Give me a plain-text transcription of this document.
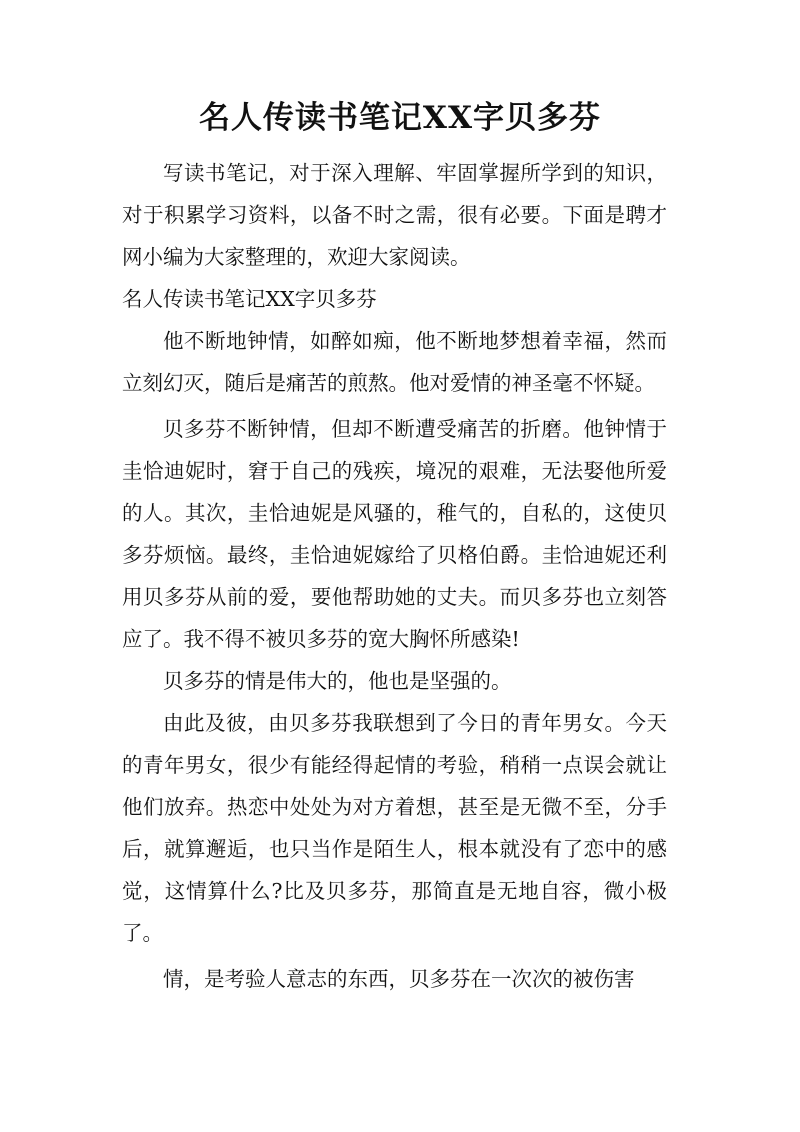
名人传读书笔记XX字贝多芬

写读书笔记，对于深入理解、牢固掌握所学到的知识，对于积累学习资料，以备不时之需，很有必要。下面是聘才网小编为大家整理的，欢迎大家阅读。

名人传读书笔记XX字贝多芬

他不断地钟情，如醉如痴，他不断地梦想着幸福，然而立刻幻灭，随后是痛苦的煎熬。他对爱情的神圣毫不怀疑。

贝多芬不断钟情，但却不断遭受痛苦的折磨。他钟情于圭恰迪妮时，窘于自己的残疾，境况的艰难，无法娶他所爱的人。其次，圭恰迪妮是风骚的，稚气的，自私的，这使贝多芬烦恼。最终，圭恰迪妮嫁给了贝格伯爵。圭恰迪妮还利用贝多芬从前的爱，要他帮助她的丈夫。而贝多芬也立刻答应了。我不得不被贝多芬的宽大胸怀所感染!

贝多芬的情是伟大的，他也是坚强的。

由此及彼，由贝多芬我联想到了今日的青年男女。今天的青年男女，很少有能经得起情的考验，稍稍一点误会就让他们放弃。热恋中处处为对方着想，甚至是无微不至，分手后，就算邂逅，也只当作是陌生人，根本就没有了恋中的感觉，这情算什么?比及贝多芬，那简直是无地自容，微小极了。

情，是考验人意志的东西，贝多芬在一次次的被伤害
